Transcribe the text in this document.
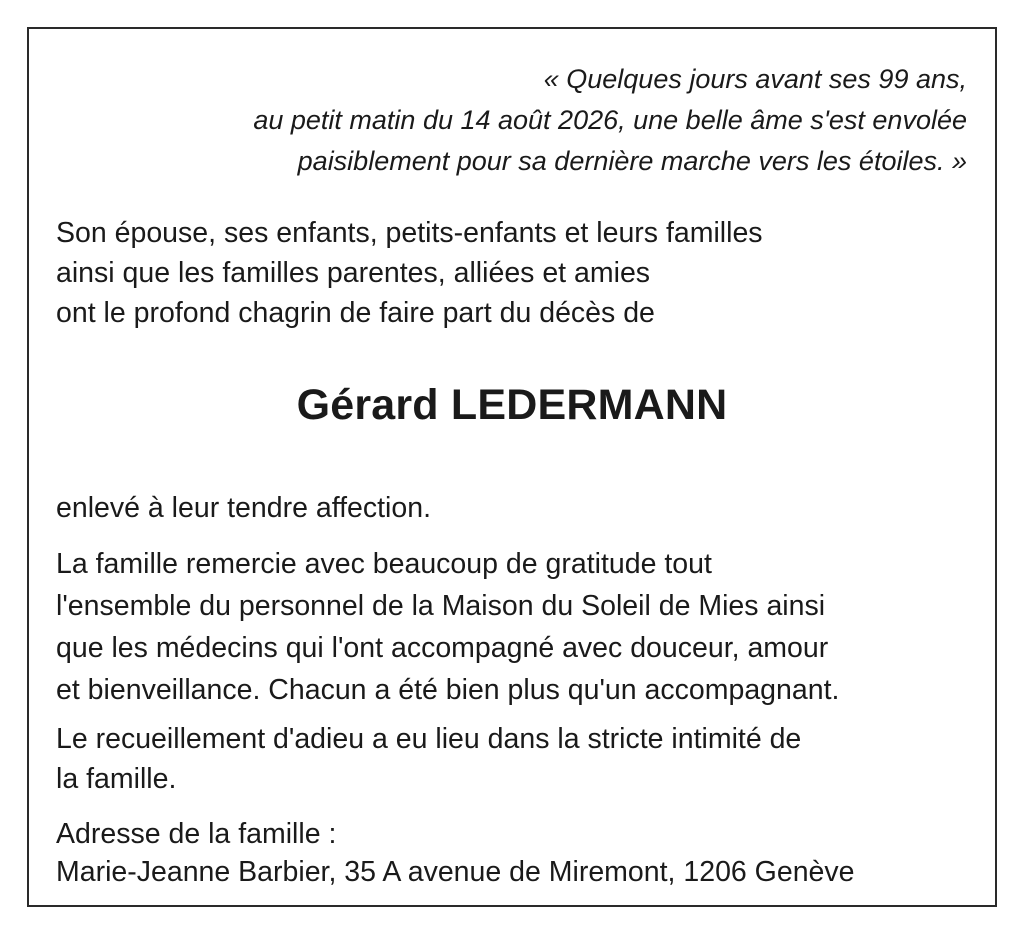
« Quelques jours avant ses 99 ans,
au petit matin du 14 août 2026, une belle âme s'est envolée
paisiblement pour sa dernière marche vers les étoiles. »

Son épouse, ses enfants, petits-enfants et leurs familles
ainsi que les familles parentes, alliées et amies
ont le profond chagrin de faire part du décès de

Gérard LEDERMANN

enlevé à leur tendre affection.

La famille remercie avec beaucoup de gratitude tout
l'ensemble du personnel de la Maison du Soleil de Mies ainsi
que les médecins qui l'ont accompagné avec douceur, amour
et bienveillance. Chacun a été bien plus qu'un accompagnant.

Le recueillement d'adieu a eu lieu dans la stricte intimité de
la famille.

Adresse de la famille :
Marie-Jeanne Barbier, 35 A avenue de Miremont, 1206 Genève
